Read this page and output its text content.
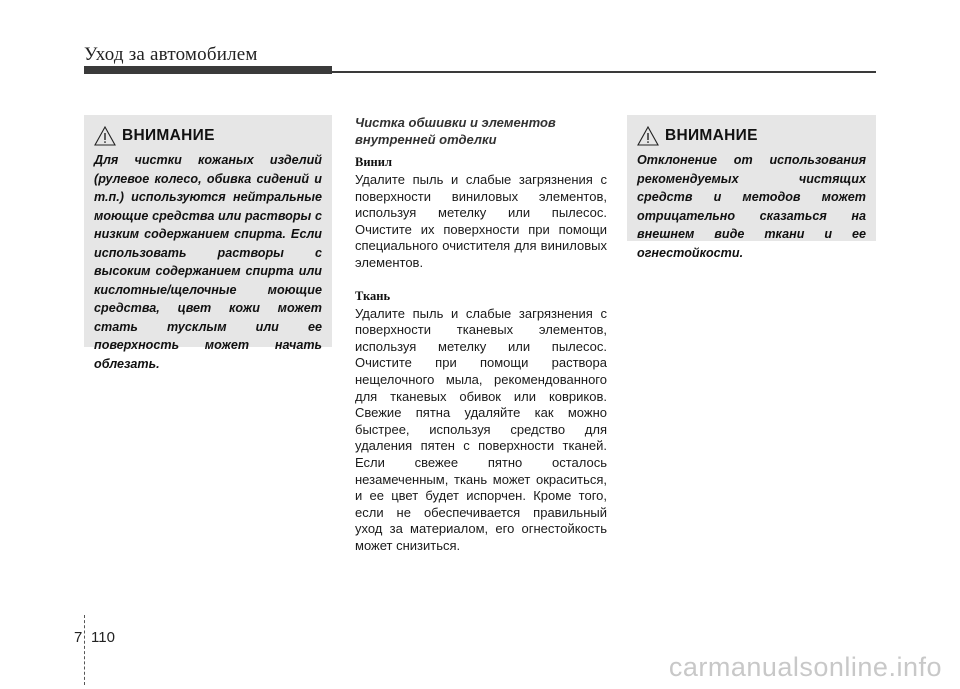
Уход за автомобилем
ВНИМАНИЕ
Для чистки кожаных изделий (рулевое колесо, обивка сидений и т.п.) используются нейтральные моющие средства или растворы с низким содержанием спирта. Если использовать растворы с высоким содержанием спирта или кислотные/щелочные моющие средства, цвет кожи может стать тусклым или ее поверхность может начать облезать.
Чистка обшивки и элементов внутренней отделки
Винил
Удалите пыль и слабые загрязнения с поверхности виниловых элементов, используя метелку или пылесос. Очистите их поверхности при помощи специального очистителя для виниловых элементов.
Ткань
Удалите пыль и слабые загрязнения с поверхности тканевых элементов, используя метелку или пылесос. Очистите при помощи раствора нещелочного мыла, рекомендованного для тканевых обивок или ковриков. Свежие пятна удаляйте как можно быстрее, используя средство для удаления пятен с поверхности тканей. Если свежее пятно осталось незамеченным, ткань может окраситься, и ее цвет будет испорчен. Кроме того, если не обеспечивается правильный уход за материалом, его огнестойкость может снизиться.
ВНИМАНИЕ
Отклонение от использования рекомендуемых чистящих средств и методов может отрицательно сказаться на внешнем виде ткани и ее огнестойкости.
7 110
carmanualsonline.info
